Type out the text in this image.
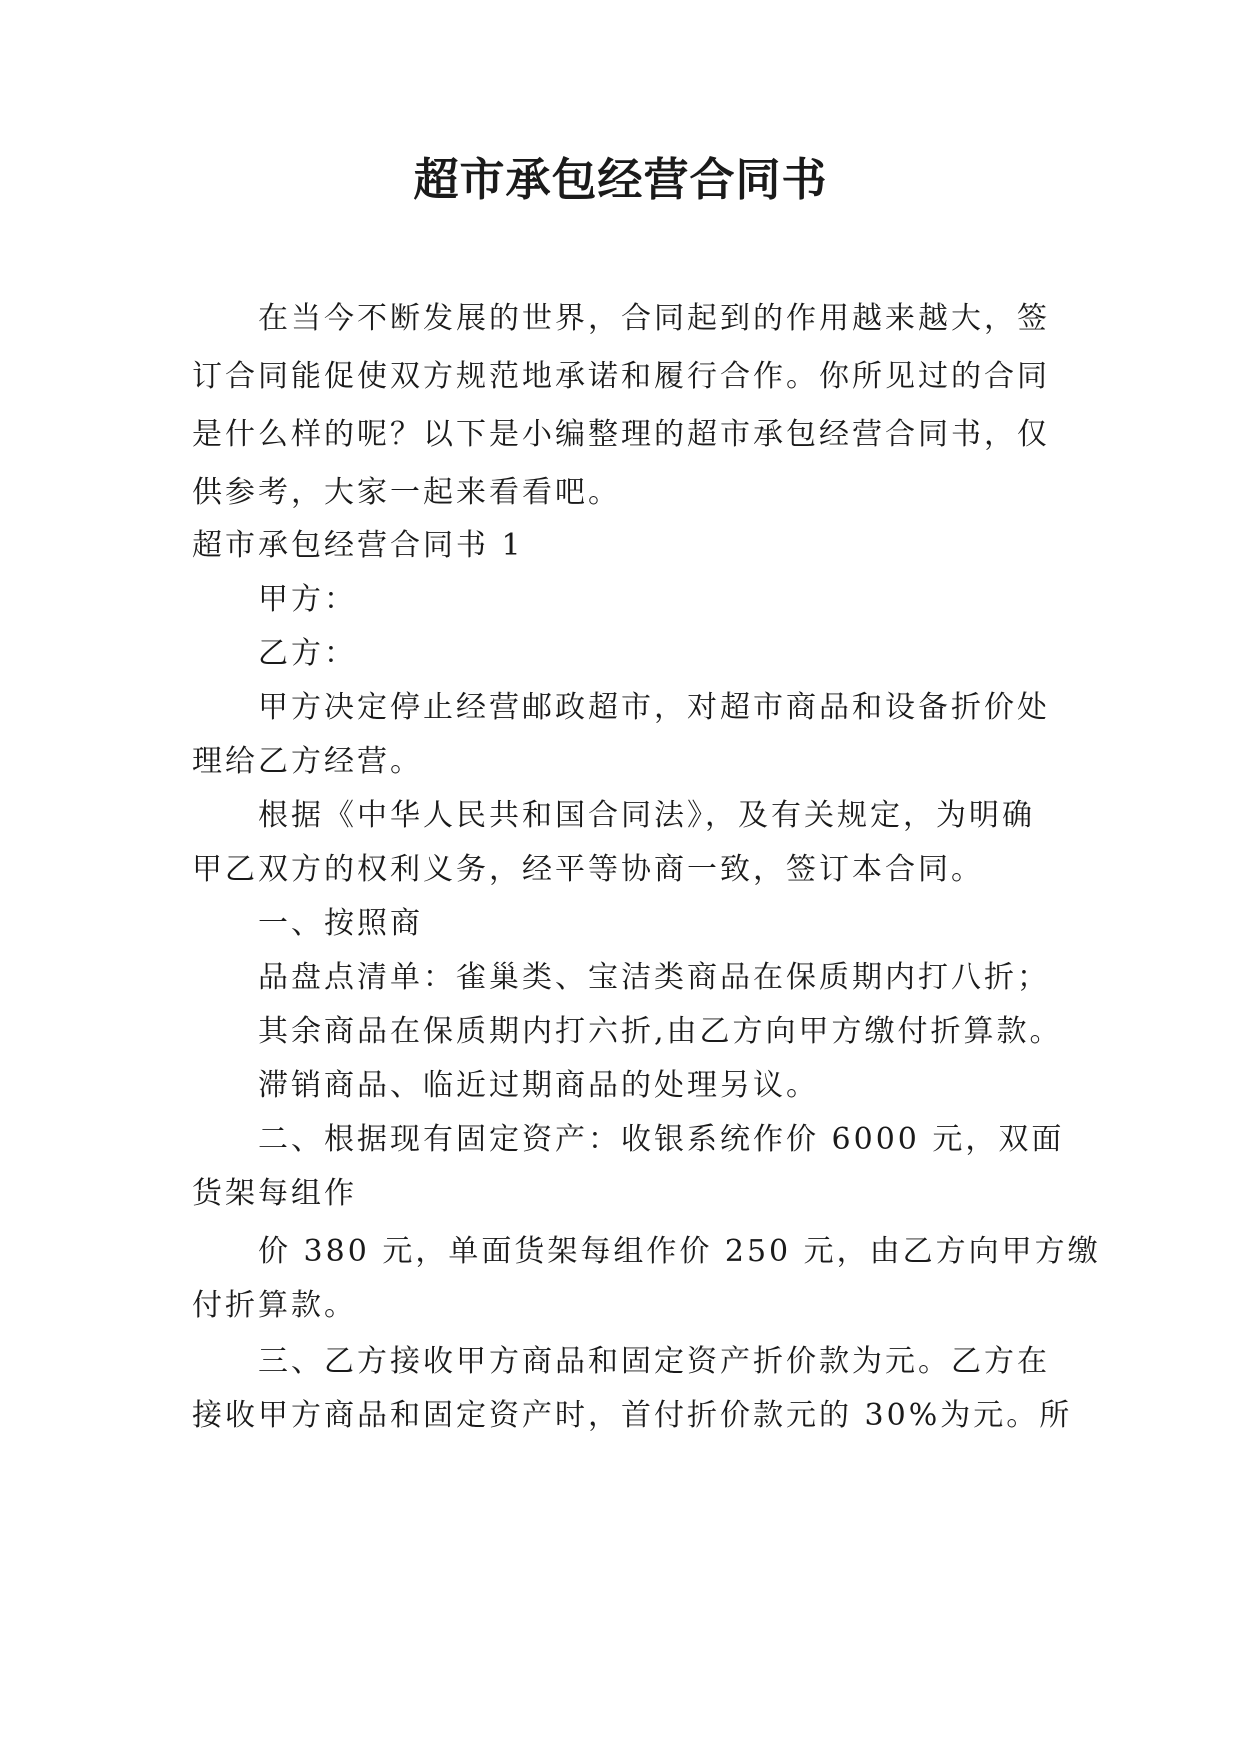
超市承包经营合同书

在当今不断发展的世界，合同起到的作用越来越大，签订合同能促使双方规范地承诺和履行合作。你所见过的合同是什么样的呢？以下是小编整理的超市承包经营合同书，仅供参考，大家一起来看看吧。

超市承包经营合同书 1

甲方：

乙方：

甲方决定停止经营邮政超市，对超市商品和设备折价处

理给乙方经营。

根据《中华人民共和国合同法》，及有关规定，为明确

甲乙双方的权利义务，经平等协商一致，签订本合同。

一、按照商

品盘点清单：雀巢类、宝洁类商品在保质期内打八折；

其余商品在保质期内打六折,由乙方向甲方缴付折算款。

滞销商品、临近过期商品的处理另议。

二、根据现有固定资产：收银系统作价 6000 元，双面

货架每组作

价 380 元，单面货架每组作价 250 元，由乙方向甲方缴

付折算款。

三、乙方接收甲方商品和固定资产折价款为元。乙方在

接收甲方商品和固定资产时，首付折价款元的 30%为元。所
